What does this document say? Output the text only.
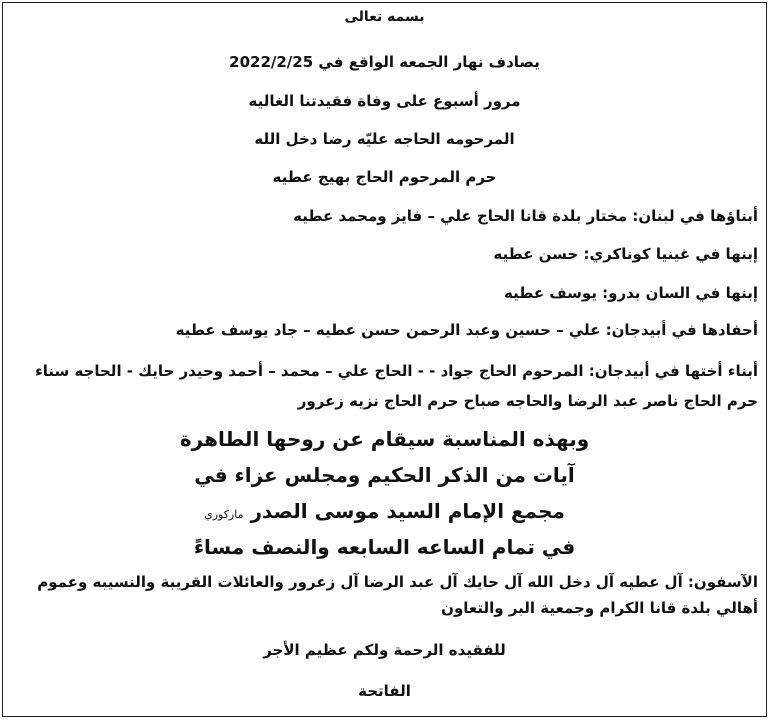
بسمه تعالى
يصادف نهار الجمعه الواقع في 2022/2/25
مرور أسبوع على وفاة فقيدتنا الغاليه
المرحومه الحاجه عليّه رضا دخل الله
حرم المرحوم الحاج بهيج عطيه
أبناؤها في لبنان: مختار بلدة قانا الحاج علي – فايز ومحمد عطيه
إبنها في غينيا كوناكري: حسن عطيه
إبنها في السان بدرو: يوسف عطيه
أحفادها في أبيدجان: علي – حسين وعبد الرحمن حسن عطيه – جاد يوسف عطيه
أبناء أختها في أبيدجان: المرحوم الحاج جواد - - الحاج علي – محمد – أحمد وحيدر حايك - الحاجه سناء حرم الحاج ناصر عبد الرضا والحاجه صباح حرم الحاج نزيه زعرور
وبهذه المناسبة سيقام عن روحها الطاهرة
آيات من الذكر الحكيم ومجلس عزاء في
مجمع الإمام السيد موسى الصدر ماركوري
في تمام الساعه السابعه والنصف مساءً
الآسفون: آل عطيه آل دخل الله آل حايك آل عبد الرضا آل زعرور والعائلات القريبة والنسيبه وعموم أهالي بلدة قانا الكرام وجمعية البر والتعاون
للفقيده الرحمة ولكم عظيم الأجر
الفاتحة
